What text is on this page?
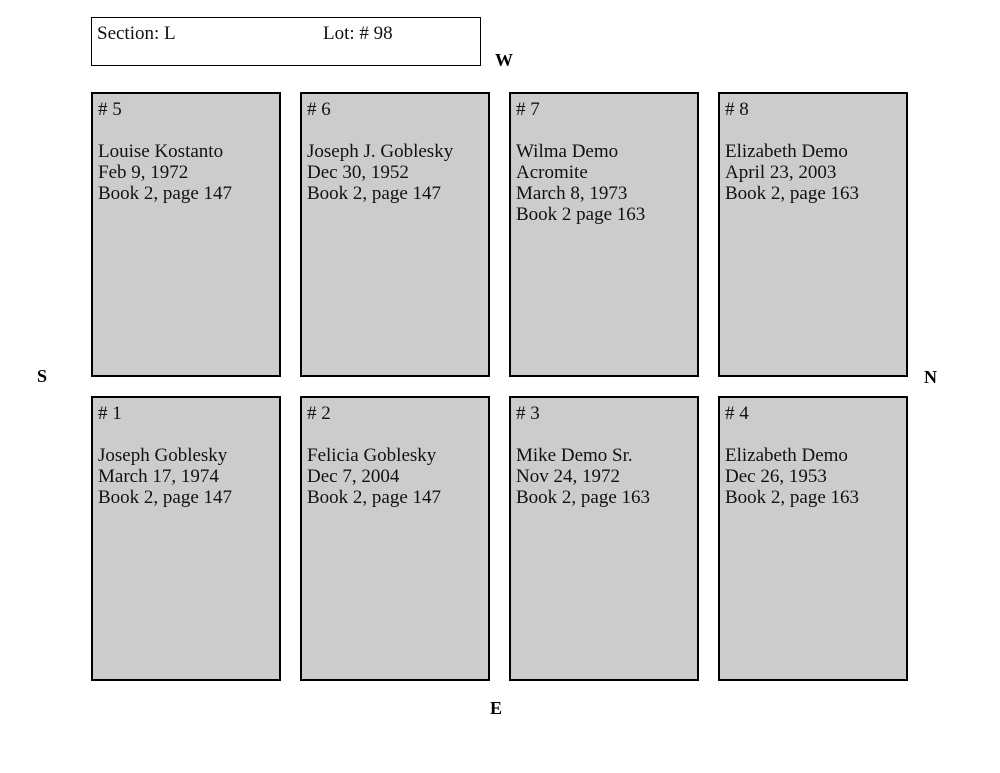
Section: L	Lot: # 98
W
S	N
E
# 5
Louise Kostanto
Feb 9, 1972
Book 2, page 147
# 6
Joseph J. Goblesky
Dec 30, 1952
Book 2, page 147
# 7
Wilma Demo
Acromite
March 8, 1973
Book 2 page 163
# 8
Elizabeth Demo
April 23, 2003
Book 2, page 163
# 1
Joseph Goblesky
March 17, 1974
Book 2, page 147
# 2
Felicia Goblesky
Dec 7, 2004
Book 2, page 147
# 3
Mike Demo Sr.
Nov 24, 1972
Book 2, page 163
# 4
Elizabeth Demo
Dec 26, 1953
Book 2, page 163
